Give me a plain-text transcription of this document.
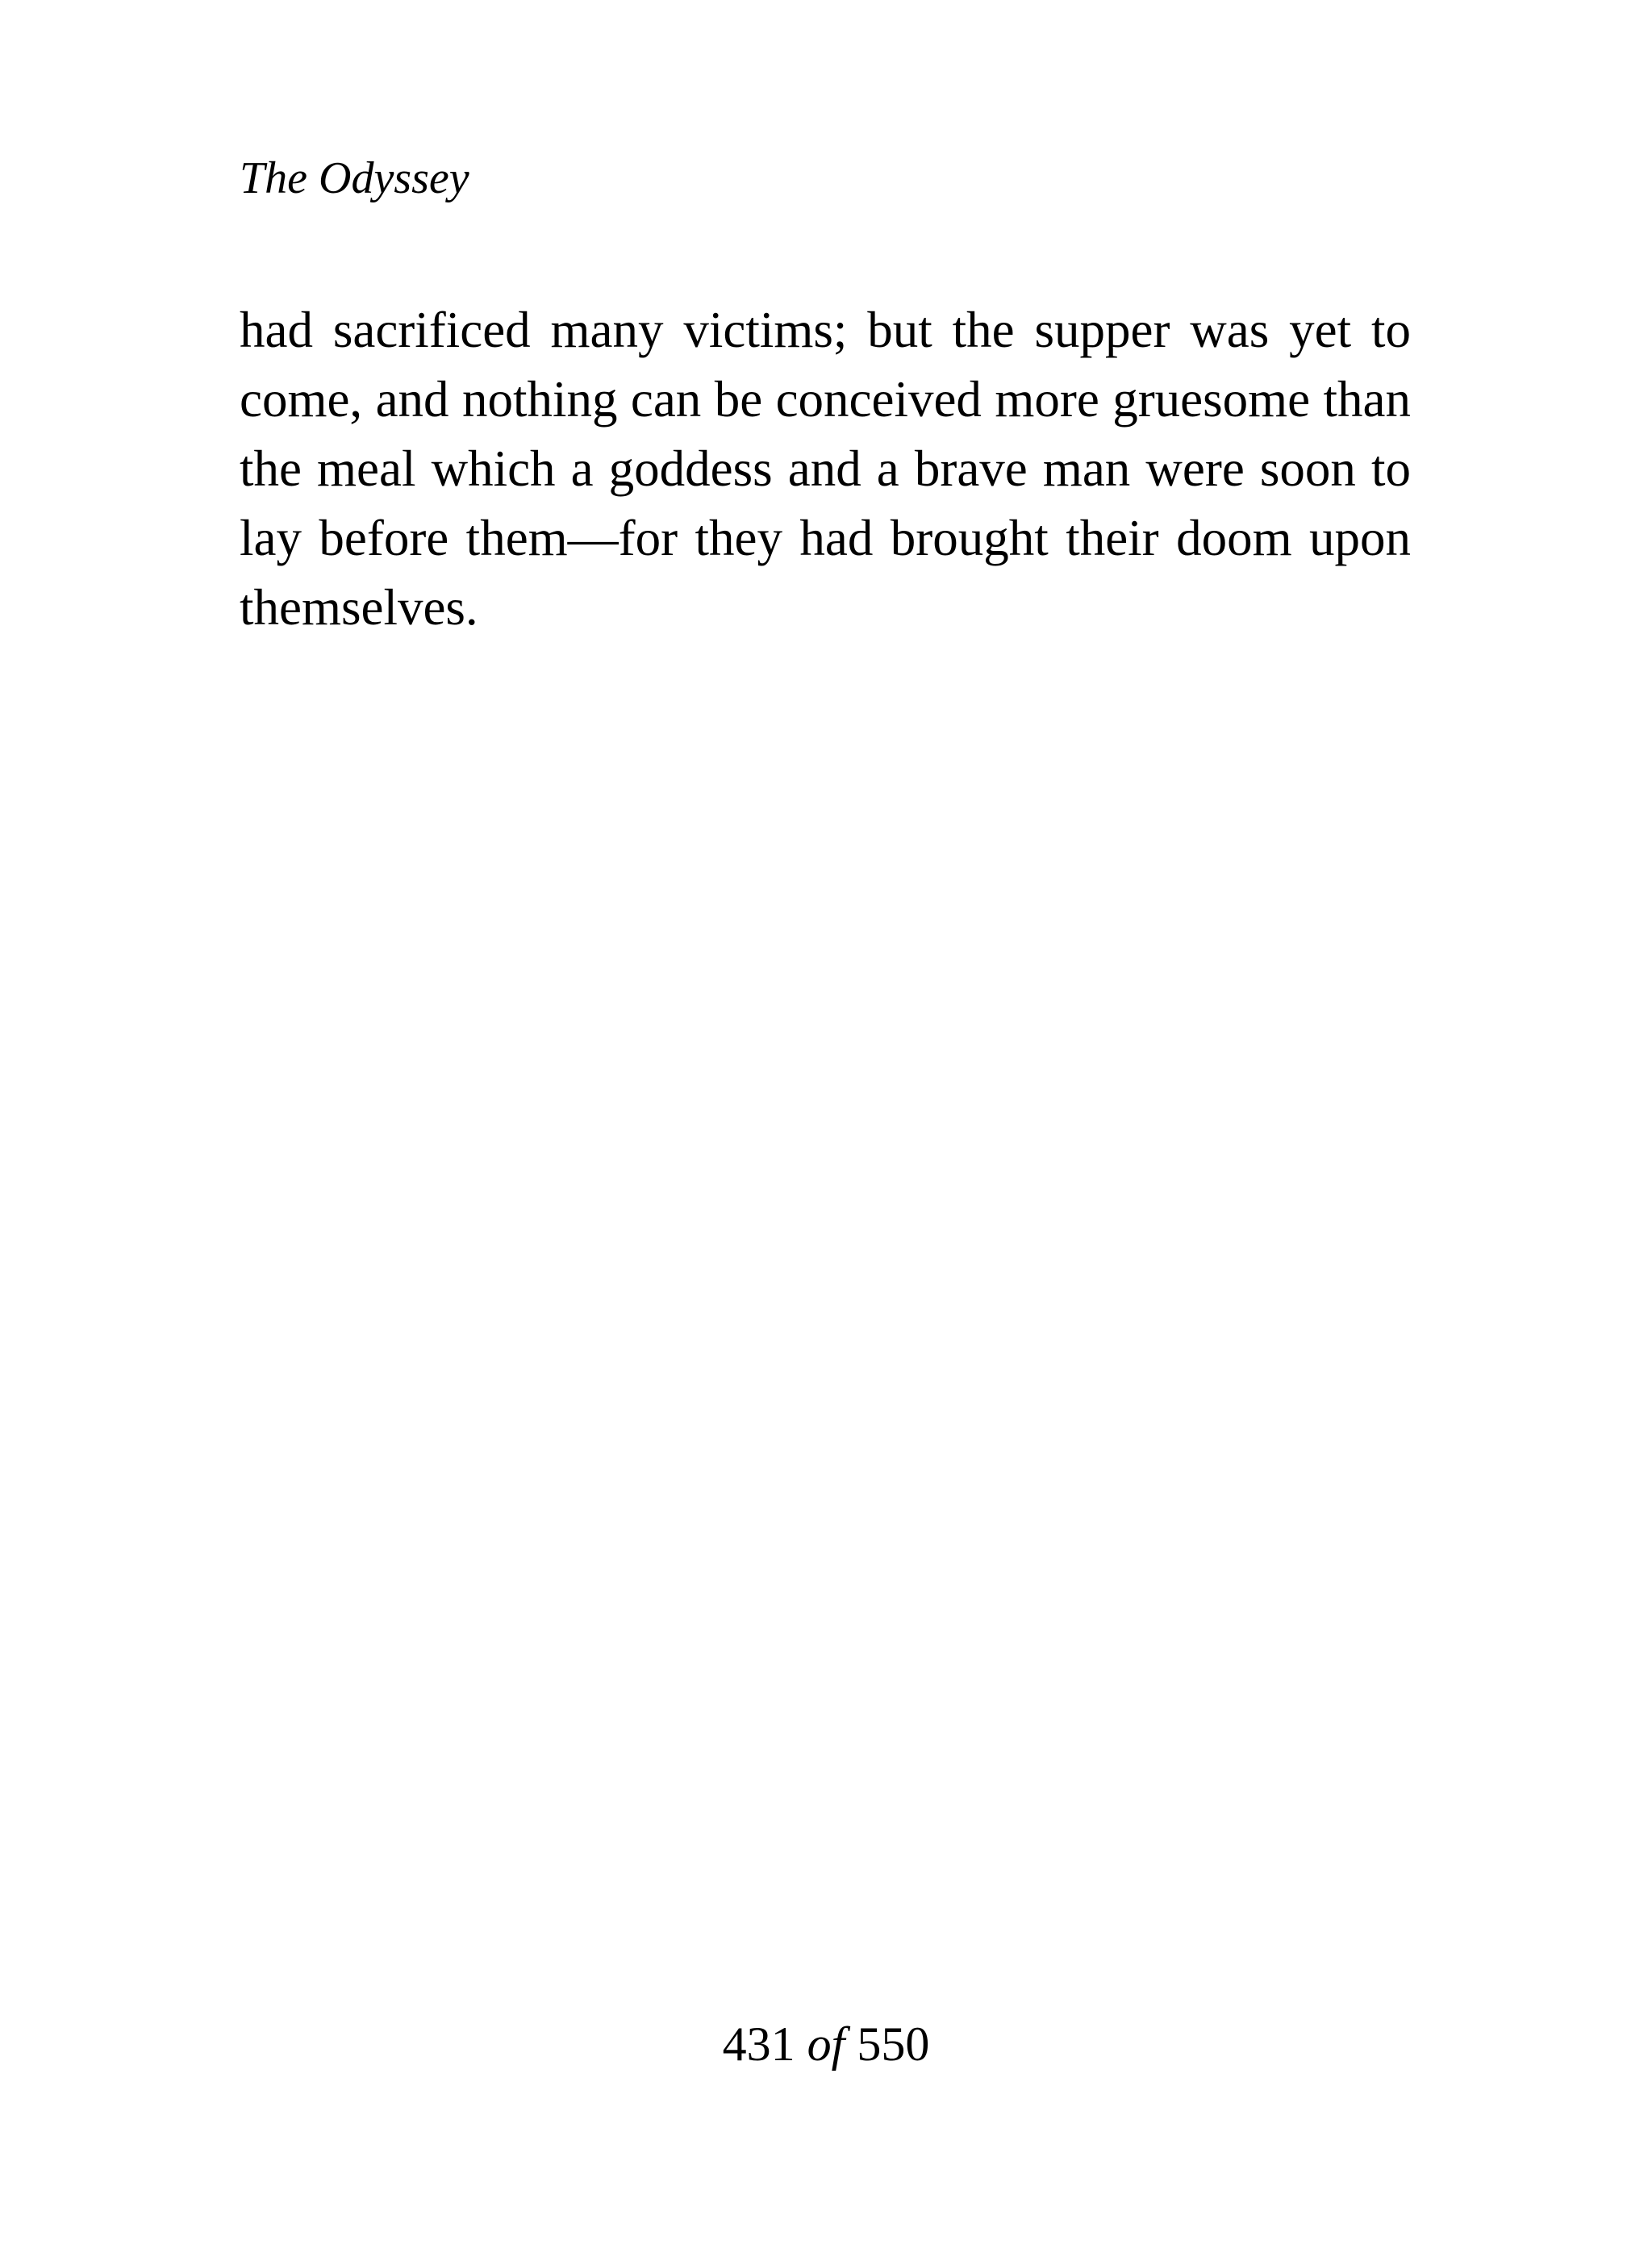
The Odyssey

had sacrificed many victims; but the supper was yet to come, and nothing can be conceived more gruesome than the meal which a goddess and a brave man were soon to lay before them—for they had brought their doom upon themselves.

431 of 550
